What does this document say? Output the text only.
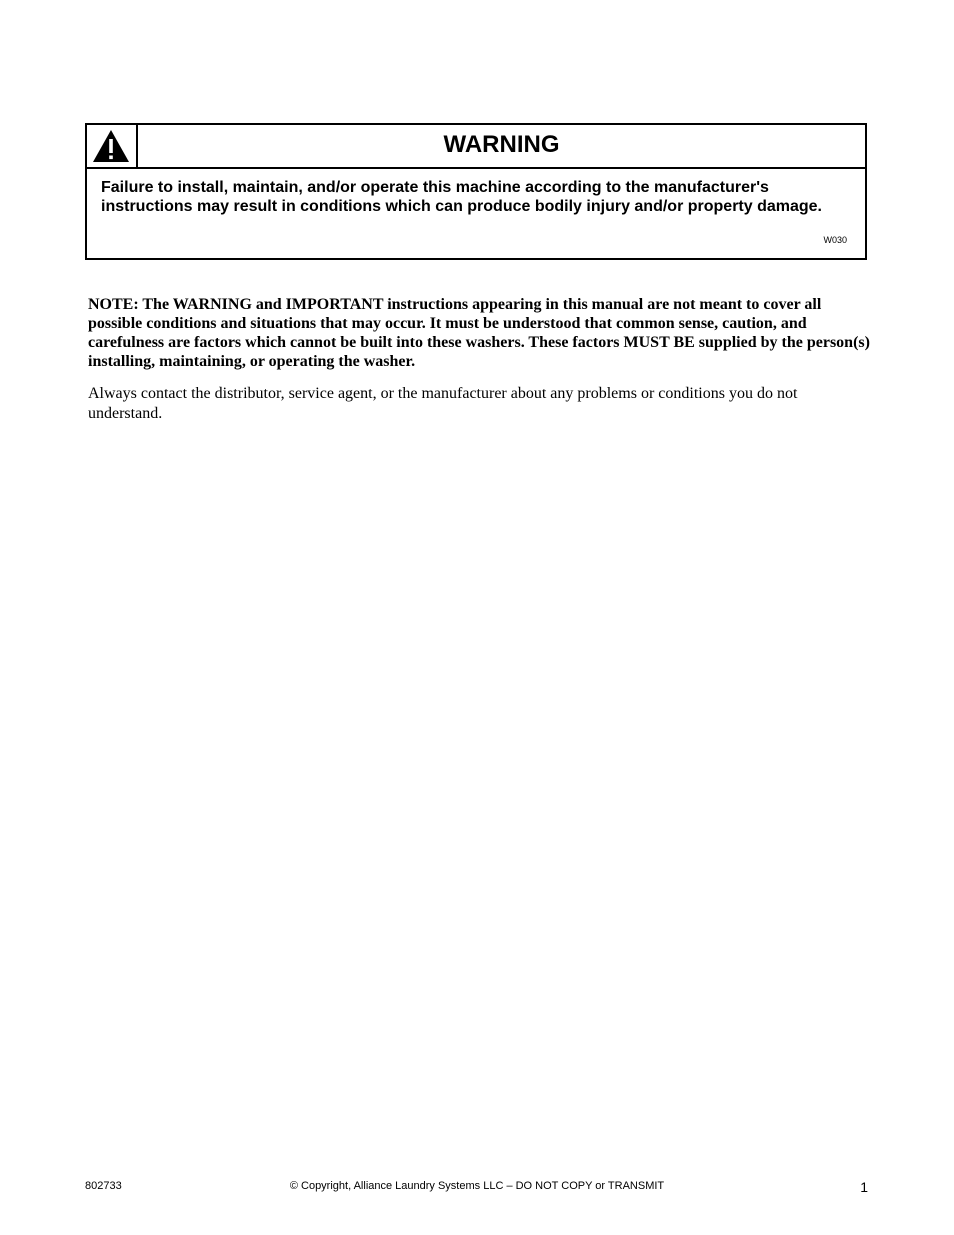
WARNING
Failure to install, maintain, and/or operate this machine according to the manufacturer's instructions may result in conditions which can produce bodily injury and/or property damage.
W030
NOTE: The WARNING and IMPORTANT instructions appearing in this manual are not meant to cover all possible conditions and situations that may occur. It must be understood that common sense, caution, and carefulness are factors which cannot be built into these washers. These factors MUST BE supplied by the person(s) installing, maintaining, or operating the washer.
Always contact the distributor, service agent, or the manufacturer about any problems or conditions you do not understand.
802733	© Copyright, Alliance Laundry Systems LLC – DO NOT COPY or TRANSMIT	1
